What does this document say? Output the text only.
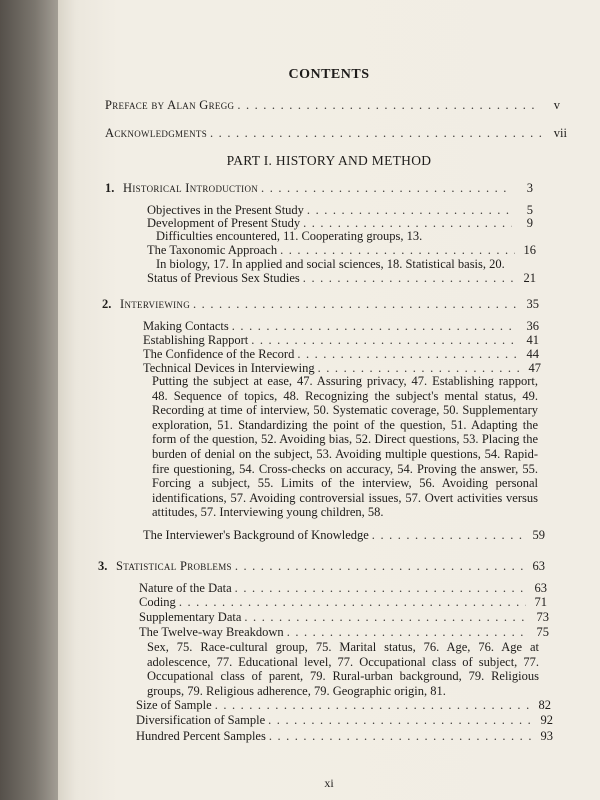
CONTENTS
Preface by Alan Gregg . . .	v
Acknowledgments . . .	vii
PART I. HISTORY AND METHOD
1. Historical Introduction . . .	3
Objectives in the Present Study . . .	5
Development of Present Study . . .	9
Difficulties encountered, 11. Cooperating groups, 13.
The Taxonomic Approach . . .	16
In biology, 17. In applied and social sciences, 18. Statistical basis, 20.
Status of Previous Sex Studies . . .	21
2. Interviewing . . .	35
Making Contacts . . .	36
Establishing Rapport . . .	41
The Confidence of the Record . . .	44
Technical Devices in Interviewing . . .	47
Putting the subject at ease, 47. Assuring privacy, 47. Establishing rapport, 48. Sequence of topics, 48. Recognizing the subject's mental status, 49. Recording at time of interview, 50. Systematic coverage, 50. Supplementary exploration, 51. Standardizing the point of the question, 51. Adapting the form of the question, 52. Avoiding bias, 52. Direct questions, 53. Placing the burden of denial on the subject, 53. Avoiding multiple questions, 54. Rapid-fire questioning, 54. Cross-checks on accuracy, 54. Proving the answer, 55. Forcing a subject, 55. Limits of the interview, 56. Avoiding personal identifications, 57. Avoiding controversial issues, 57. Overt activities versus attitudes, 57. Interviewing young children, 58.
The Interviewer's Background of Knowledge . . .	59
3. Statistical Problems . . .	63
Nature of the Data . . .	63
Coding . . .	71
Supplementary Data . . .	73
The Twelve-way Breakdown . . .	75
Sex, 75. Race-cultural group, 75. Marital status, 76. Age, 76. Age at adolescence, 77. Educational level, 77. Occupational class of subject, 77. Occupational class of parent, 79. Rural-urban background, 79. Religious groups, 79. Religious adherence, 79. Geographic origin, 81.
Size of Sample . . .	82
Diversification of Sample . . .	92
Hundred Percent Samples . . .	93
xi
